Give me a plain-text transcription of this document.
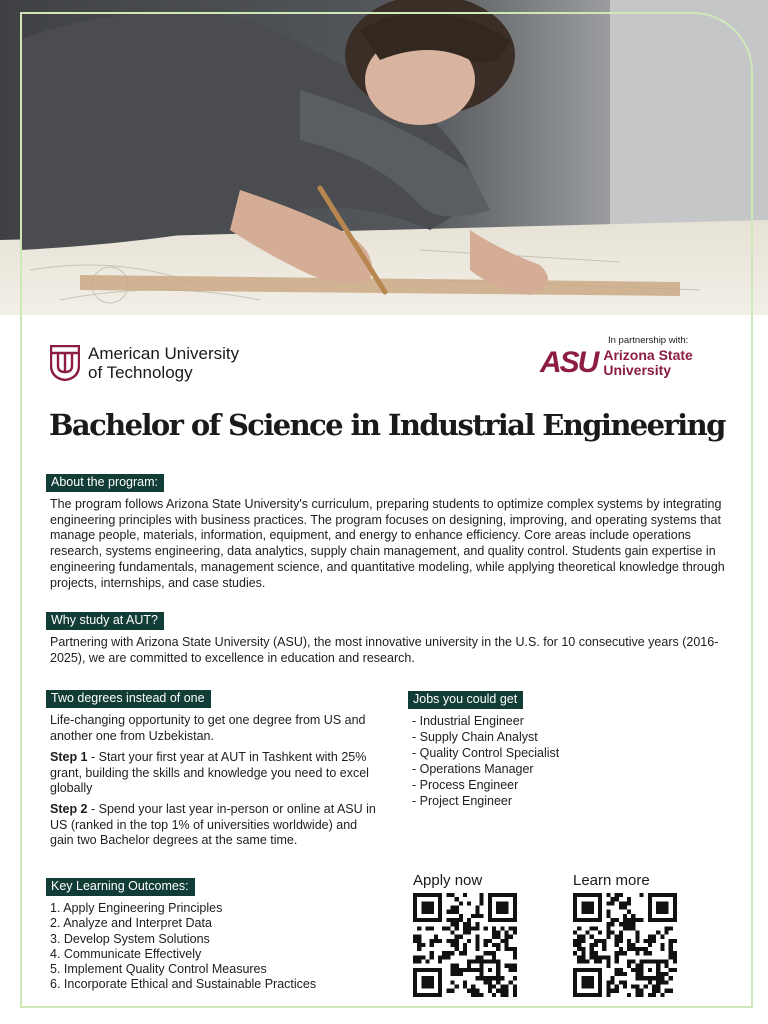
American University
of Technology
In partnership with:
ASU Arizona State
University
Bachelor of Science in Industrial Engineering
About the program:
The program follows Arizona State University's curriculum, preparing students to optimize complex systems by integrating engineering principles with business practices. The program focuses on designing, improving, and operating systems that manage people, materials, information, equipment, and energy to enhance efficiency. Core areas include operations research, systems engineering, data analytics, supply chain management, and quality control. Students gain expertise in engineering fundamentals, management science, and quantitative modeling, while applying theoretical knowledge through projects, internships, and case studies.
Why study at AUT?
Partnering with Arizona State University (ASU), the most innovative university in the U.S. for 10 consecutive years (2016-2025), we are committed to excellence in education and research.
Two degrees instead of one
Life-changing opportunity to get one degree from US and another one from Uzbekistan.
Step 1 - Start your first year at AUT in Tashkent with 25% grant, building the skills and knowledge you need to excel globally
Step 2 - Spend your last year in-person or online at ASU in US (ranked in the top 1% of universities worldwide) and gain two Bachelor degrees at the same time.
Jobs you could get
- Industrial Engineer
- Supply Chain Analyst
- Quality Control Specialist
- Operations Manager
- Process Engineer
- Project Engineer
Key Learning Outcomes:
1. Apply Engineering Principles
2. Analyze and Interpret Data
3. Develop System Solutions
4. Communicate Effectively
5. Implement Quality Control Measures
6. Incorporate Ethical and Sustainable Practices
Apply now	Learn more
